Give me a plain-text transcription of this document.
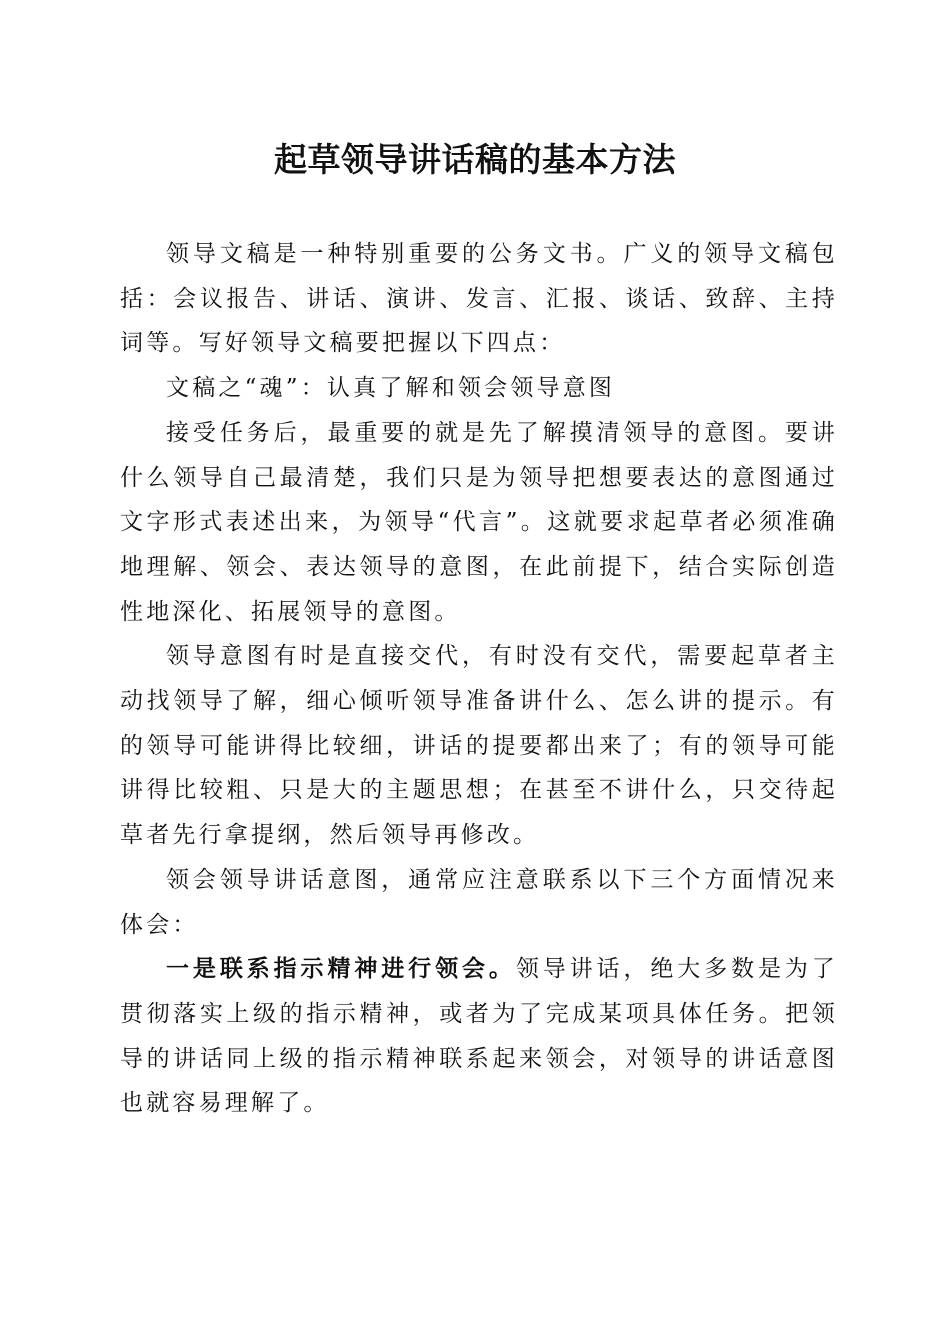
起草领导讲话稿的基本方法

领导文稿是一种特别重要的公务文书。广义的领导文稿包括：会议报告、讲话、演讲、发言、汇报、谈话、致辞、主持词等。写好领导文稿要把握以下四点：

文稿之“魂”：认真了解和领会领导意图

接受任务后，最重要的就是先了解摸清领导的意图。要讲什么领导自己最清楚，我们只是为领导把想要表达的意图通过文字形式表述出来，为领导“代言”。这就要求起草者必须准确地理解、领会、表达领导的意图，在此前提下，结合实际创造性地深化、拓展领导的意图。

领导意图有时是直接交代，有时没有交代，需要起草者主动找领导了解，细心倾听领导准备讲什么、怎么讲的提示。有的领导可能讲得比较细，讲话的提要都出来了；有的领导可能讲得比较粗、只是大的主题思想；在甚至不讲什么，只交待起草者先行拿提纲，然后领导再修改。

领会领导讲话意图，通常应注意联系以下三个方面情况来体会：

一是联系指示精神进行领会。领导讲话，绝大多数是为了贯彻落实上级的指示精神，或者为了完成某项具体任务。把领导的讲话同上级的指示精神联系起来领会，对领导的讲话意图也就容易理解了。
